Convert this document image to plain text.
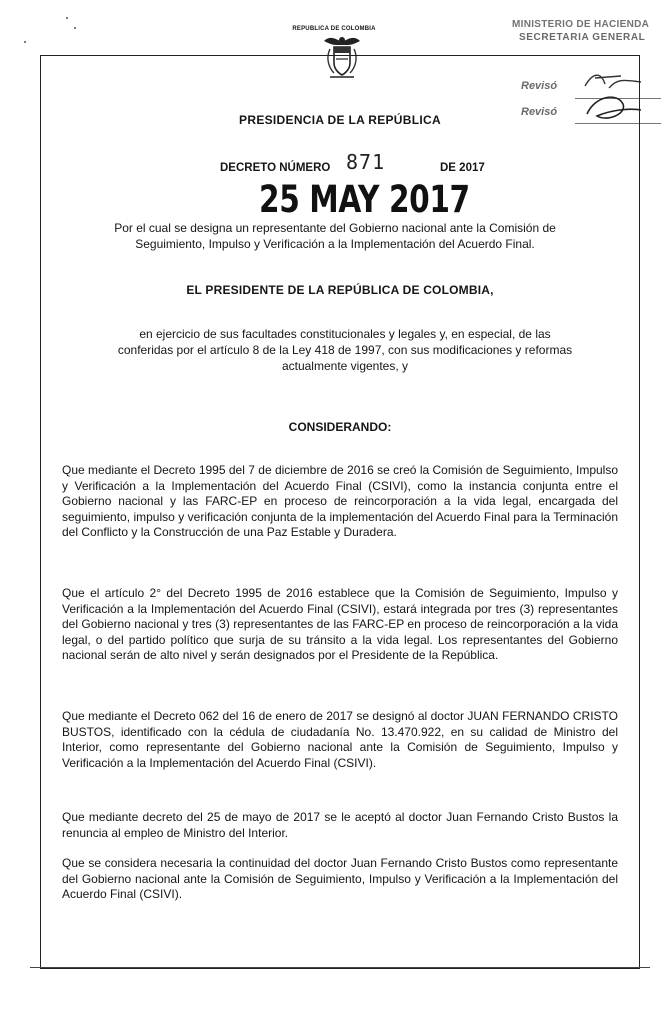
REPUBLICA DE COLOMBIA	MINISTERIO DE HACIENDA
SECRETARIA GENERAL
Revisó
Revisó
PRESIDENCIA DE LA REPÚBLICA
DECRETO NÚMERO 871	DE 2017
25 MAY 2017
Por el cual se designa un representante del Gobierno nacional ante la Comisión de Seguimiento, Impulso y Verificación a la Implementación del Acuerdo Final.
EL PRESIDENTE DE LA REPÚBLICA DE COLOMBIA,
en ejercicio de sus facultades constitucionales y legales y, en especial, de las conferidas por el artículo 8 de la Ley 418 de 1997, con sus modificaciones y reformas actualmente vigentes, y
CONSIDERANDO:
Que mediante el Decreto 1995 del 7 de diciembre de 2016 se creó la Comisión de Seguimiento, Impulso y Verificación a la Implementación del Acuerdo Final (CSIVI), como la instancia conjunta entre el Gobierno nacional y las FARC-EP en proceso de reincorporación a la vida legal, encargada del seguimiento, impulso y verificación conjunta de la implementación del Acuerdo Final para la Terminación del Conflicto y la Construcción de una Paz Estable y Duradera.
Que el artículo 2° del Decreto 1995 de 2016 establece que la Comisión de Seguimiento, Impulso y Verificación a la Implementación del Acuerdo Final (CSIVI), estará integrada por tres (3) representantes del Gobierno nacional y tres (3) representantes de las FARC-EP en proceso de reincorporación a la vida legal, o del partido político que surja de su tránsito a la vida legal. Los representantes del Gobierno nacional serán de alto nivel y serán designados por el Presidente de la República.
Que mediante el Decreto 062 del 16 de enero de 2017 se designó al doctor JUAN FERNANDO CRISTO BUSTOS, identificado con la cédula de ciudadanía No. 13.470.922, en su calidad de Ministro del Interior, como representante del Gobierno nacional ante la Comisión de Seguimiento, Impulso y Verificación a la Implementación del Acuerdo Final (CSIVI).
Que mediante decreto del 25 de mayo de 2017 se le aceptó al doctor Juan Fernando Cristo Bustos la renuncia al empleo de Ministro del Interior.
Que se considera necesaria la continuidad del doctor Juan Fernando Cristo Bustos como representante del Gobierno nacional ante la Comisión de Seguimiento, Impulso y Verificación a la Implementación del Acuerdo Final (CSIVI).
